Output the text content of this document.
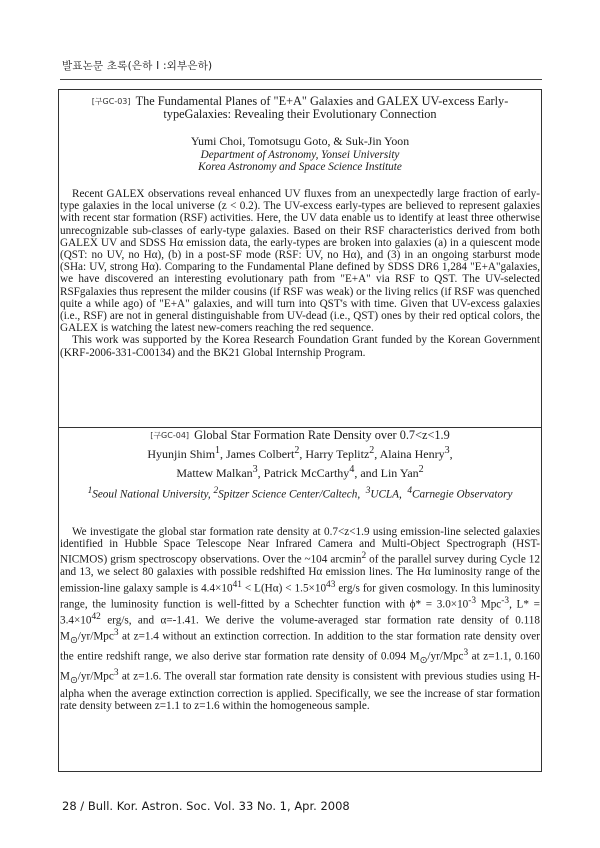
발표논문 초록(은하 I :외부은하)
[구GC-03] The Fundamental Planes of "E+A" Galaxies and GALEX UV-excess Early-typeGalaxies: Revealing their Evolutionary Connection
Yumi Choi, Tomotsugu Goto, & Suk-Jin Yoon
Department of Astronomy, Yonsei University
Korea Astronomy and Space Science Institute

Recent GALEX observations reveal enhanced UV fluxes from an unexpectedly large fraction of early-type galaxies in the local universe (z < 0.2). The UV-excess early-types are believed to represent galaxies with recent star formation (RSF) activities. Here, the UV data enable us to identify at least three otherwise unrecognizable sub-classes of early-type galaxies. Based on their RSF characteristics derived from both GALEX UV and SDSS Hα emission data, the early-types are broken into galaxies (a) in a quiescent mode (QST: no UV, no Hα), (b) in a post-SF mode (RSF: UV, no Hα), and (3) in an ongoing starburst mode (SHa: UV, strong Hα). Comparing to the Fundamental Plane defined by SDSS DR6 1,284 "E+A"galaxies, we have discovered an interesting evolutionary path from "E+A" via RSF to QST. The UV-selected RSFgalaxies thus represent the milder cousins (if RSF was weak) or the living relics (if RSF was quenched quite a while ago) of "E+A" galaxies, and will turn into QST's with time. Given that UV-excess galaxies (i.e., RSF) are not in general distinguishable from UV-dead (i.e., QST) ones by their red optical colors, the GALEX is watching the latest new-comers reaching the red sequence.

This work was supported by the Korea Research Foundation Grant funded by the Korean Government (KRF-2006-331-C00134) and the BK21 Global Internship Program.

[구GC-04] Global Star Formation Rate Density over 0.7<z<1.9
Hyunjin Shim$^1$, James Colbert$^2$, Harry Teplitz$^2$, Alaina Henry$^3$,
Mattew Malkan$^3$, Patrick McCarthy$^4$, and Lin Yan$^2$
$^1$Seoul National University, $^2$Spitzer Science Center/Caltech,  $^3$UCLA,  $^4$Carnegie Observatory
We investigate the global star formation rate density at 0.7<z<1.9 using emission-line selected galaxies identified in Hubble Space Telescope Near Infrared Camera and Multi-Object Spectrograph (HST-NICMOS) grism spectroscopy observations. Over the ~104 arcmin$^2$ of the parallel survey during Cycle 12 and 13, we select 80 galaxies with possible redshifted Hα emission lines. The Hα luminosity range of the emission-line galaxy sample is $4.4\times 10^{41} < L(H\alpha) < 1.5\times 10^{43}$ erg/s for given cosmology. In this luminosity range, the luminosity function is well-fitted by a Schechter function with $\phi* = 3.0\times 10^{-3}$ Mpc$^{-3}$, $L* = 3.4\times 10^{42}$ erg/s, and α=-1.41. We derive the volume-averaged star formation rate density of 0.118 $M_⊙/yr/Mpc^3$ at z=1.4 without an extinction correction. In addition to the star formation rate density over the entire redshift range, we also derive star formation rate density of 0.094 $M_⊙/yr/Mpc^3$ at z=1.1, 0.160 $M_⊙/yr/Mpc^3$ at z=1.6. The overall star formation rate density is consistent with previous studies using H-alpha when the average extinction correction is applied. Specifically, we see the increase of star formation rate density between z=1.1 to z=1.6 within the homogeneous sample.
28 / Bull. Kor. Astron. Soc. Vol. 33 No. 1, Apr. 2008
